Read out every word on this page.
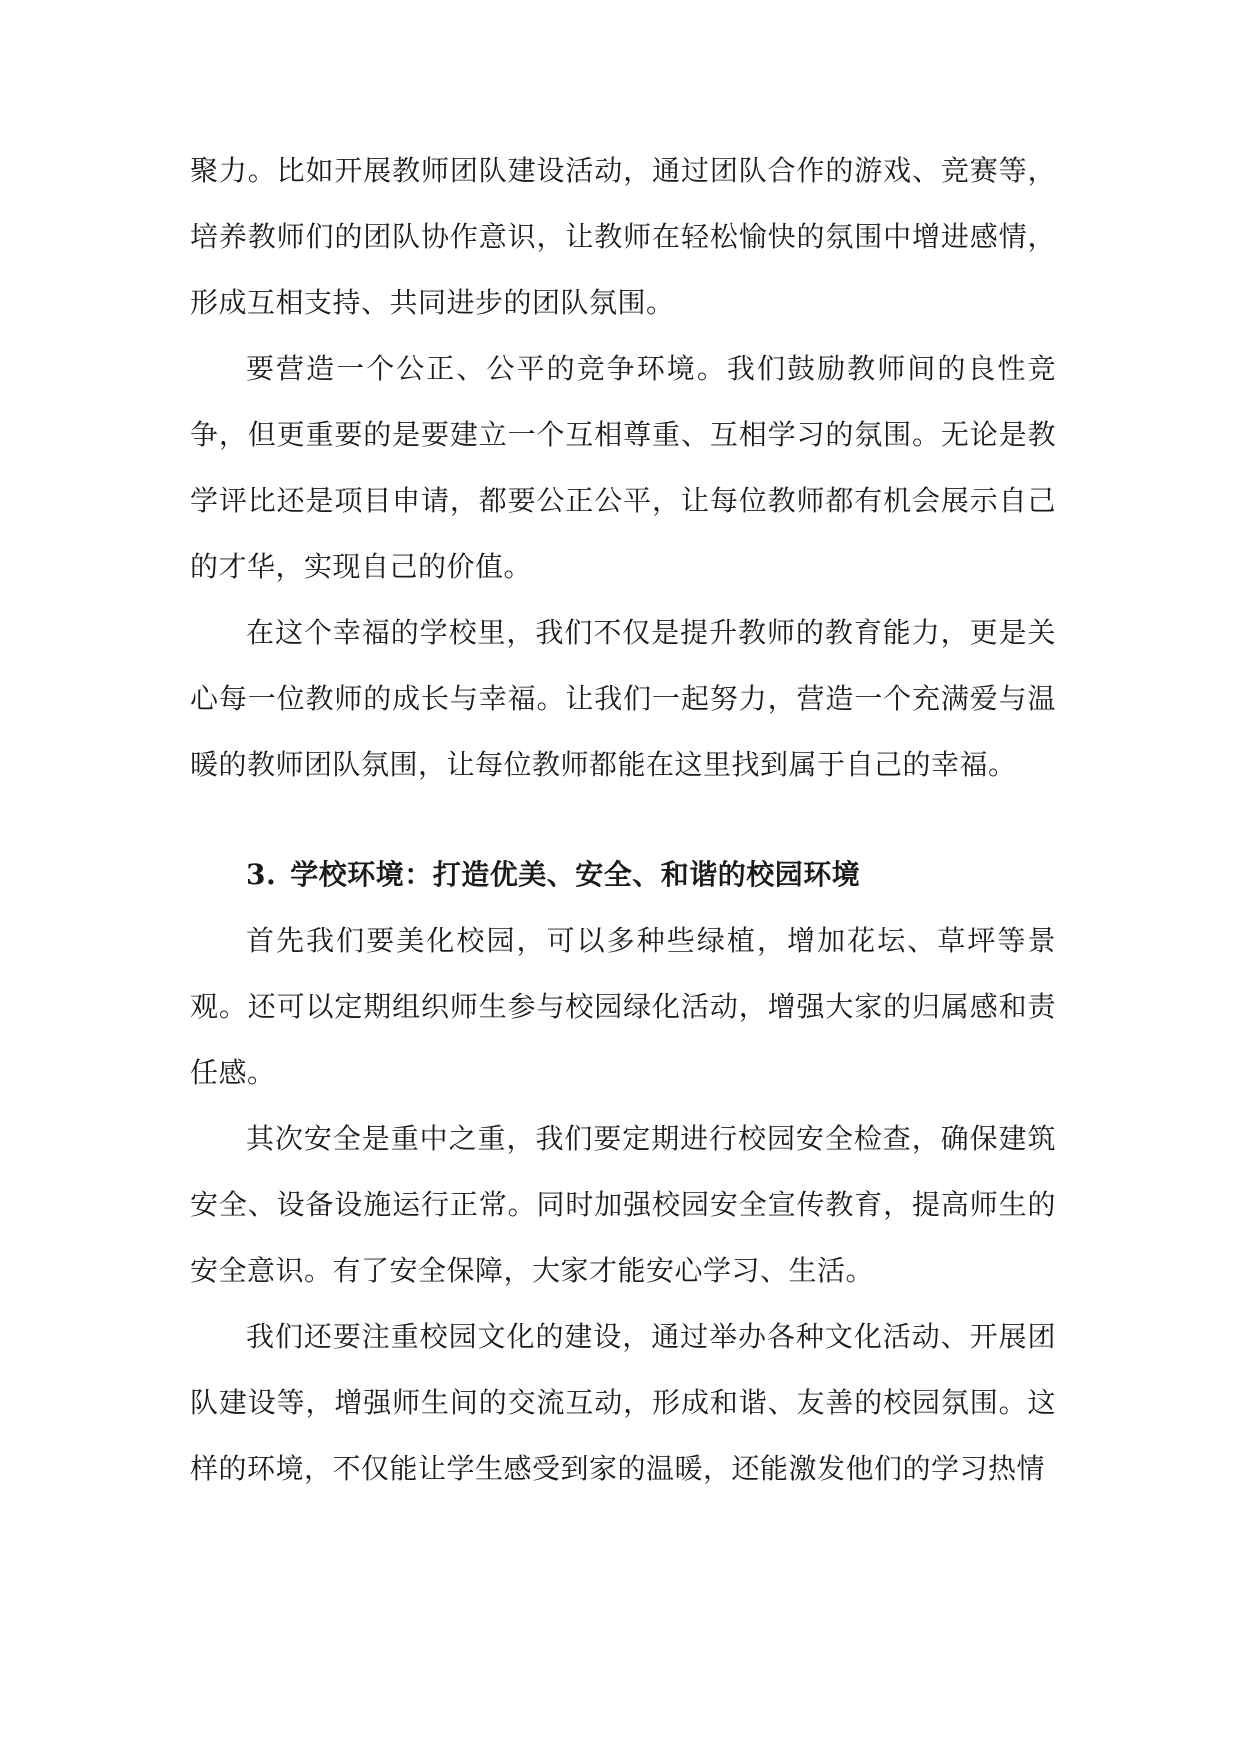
聚力。比如开展教师团队建设活动，通过团队合作的游戏、竞赛等，培养教师们的团队协作意识，让教师在轻松愉快的氛围中增进感情，形成互相支持、共同进步的团队氛围。

要营造一个公正、公平的竞争环境。我们鼓励教师间的良性竞争，但更重要的是要建立一个互相尊重、互相学习的氛围。无论是教学评比还是项目申请，都要公正公平，让每位教师都有机会展示自己的才华，实现自己的价值。

在这个幸福的学校里，我们不仅是提升教师的教育能力，更是关心每一位教师的成长与幸福。让我们一起努力，营造一个充满爱与温暖的教师团队氛围，让每位教师都能在这里找到属于自己的幸福。

3. 学校环境：打造优美、安全、和谐的校园环境

首先我们要美化校园，可以多种些绿植，增加花坛、草坪等景观。还可以定期组织师生参与校园绿化活动，增强大家的归属感和责任感。

其次安全是重中之重，我们要定期进行校园安全检查，确保建筑安全、设备设施运行正常。同时加强校园安全宣传教育，提高师生的安全意识。有了安全保障，大家才能安心学习、生活。

我们还要注重校园文化的建设，通过举办各种文化活动、开展团队建设等，增强师生间的交流互动，形成和谐、友善的校园氛围。这样的环境，不仅能让学生感受到家的温暖，还能激发他们的学习热情
